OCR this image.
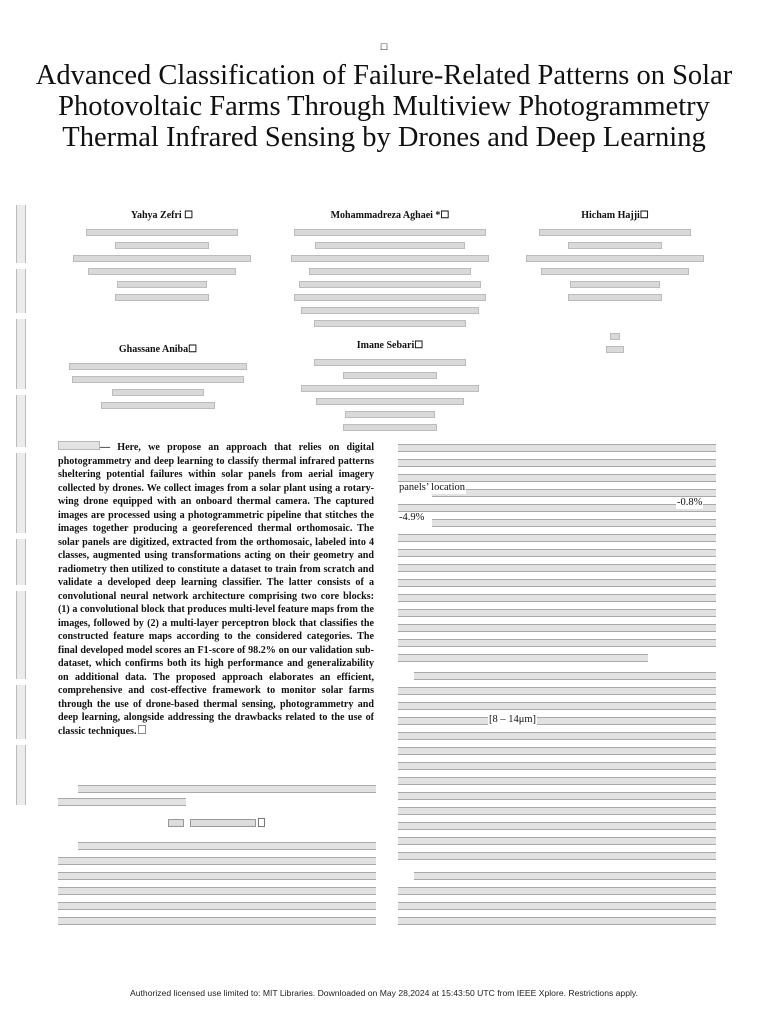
☐
Advanced Classification of Failure-Related Patterns on Solar Photovoltaic Farms Through Multiview Photogrammetry Thermal Infrared Sensing by Drones and Deep Learning
Yahya Zefri ☐	Mohammadreza Aghaei *☐	Hicham Hajji☐
Ghassane Aniba☐	Imane Sebari☐

— Here, we propose an approach that relies on digital photogrammetry and deep learning to classify thermal infrared patterns sheltering potential failures within solar panels from aerial imagery collected by drones. We collect images from a solar plant using a rotary-wing drone equipped with an onboard thermal camera. The captured images are processed using a photogrammetric pipeline that stitches the images together producing a georeferenced thermal orthomosaic. The solar panels are digitized, extracted from the orthomosaic, labeled into 4 classes, augmented using transformations acting on their geometry and radiometry then utilized to constitute a dataset to train from scratch and validate a developed deep learning classifier. The latter consists of a convolutional neural network architecture comprising two core blocks: (1) a convolutional block that produces multi-level feature maps from the images, followed by (2) a multi-layer perceptron block that classifies the constructed feature maps according to the considered categories. The final developed model scores an F1-score of 98.2% on our validation sub-dataset, which confirms both its high performance and generalizability on additional data. The proposed approach elaborates an efficient, comprehensive and cost-effective framework to monitor solar farms through the use of drone-based thermal sensing, photogrammetry and deep learning, alongside addressing the drawbacks related to the use of classic techniques.

panels’ location
-0.8%
-4.9%
[8 – 14μm]
Authorized licensed use limited to: MIT Libraries. Downloaded on May 28,2024 at 15:43:50 UTC from IEEE Xplore. Restrictions apply.
